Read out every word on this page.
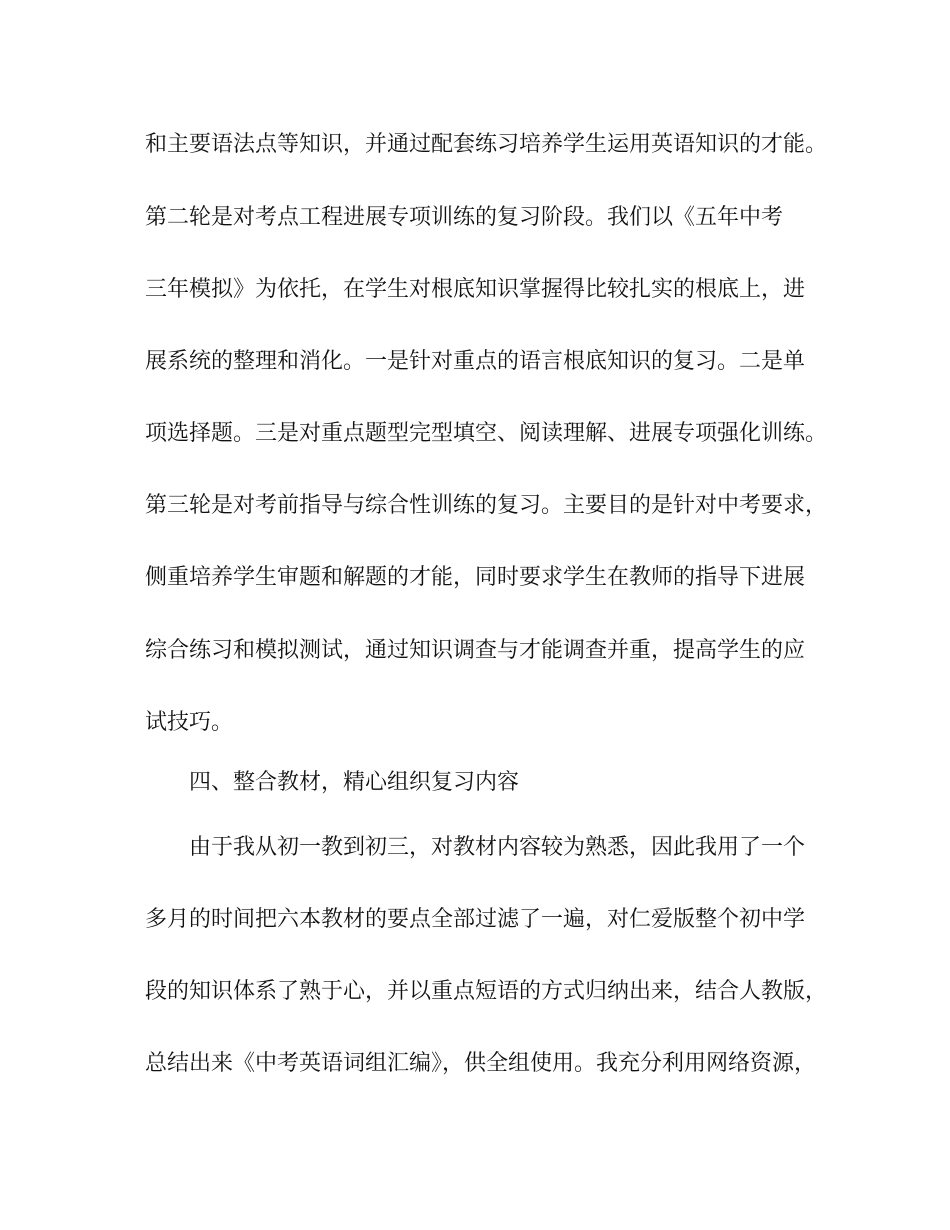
和主要语法点等知识，并通过配套练习培养学生运用英语知识的才能。
第二轮是对考点工程进展专项训练的复习阶段。我们以《五年中考
三年模拟》为依托，在学生对根底知识掌握得比较扎实的根底上，进
展系统的整理和消化。一是针对重点的语言根底知识的复习。二是单
项选择题。三是对重点题型完型填空、阅读理解、进展专项强化训练。
第三轮是对考前指导与综合性训练的复习。主要目的是针对中考要求，
侧重培养学生审题和解题的才能，同时要求学生在教师的指导下进展
综合练习和模拟测试，通过知识调查与才能调查并重，提高学生的应
试技巧。
四、整合教材，精心组织复习内容
由于我从初一教到初三，对教材内容较为熟悉，因此我用了一个
多月的时间把六本教材的要点全部过滤了一遍，对仁爱版整个初中学
段的知识体系了熟于心，并以重点短语的方式归纳出来，结合人教版，
总结出来《中考英语词组汇编》，供全组使用。我充分利用网络资源，
